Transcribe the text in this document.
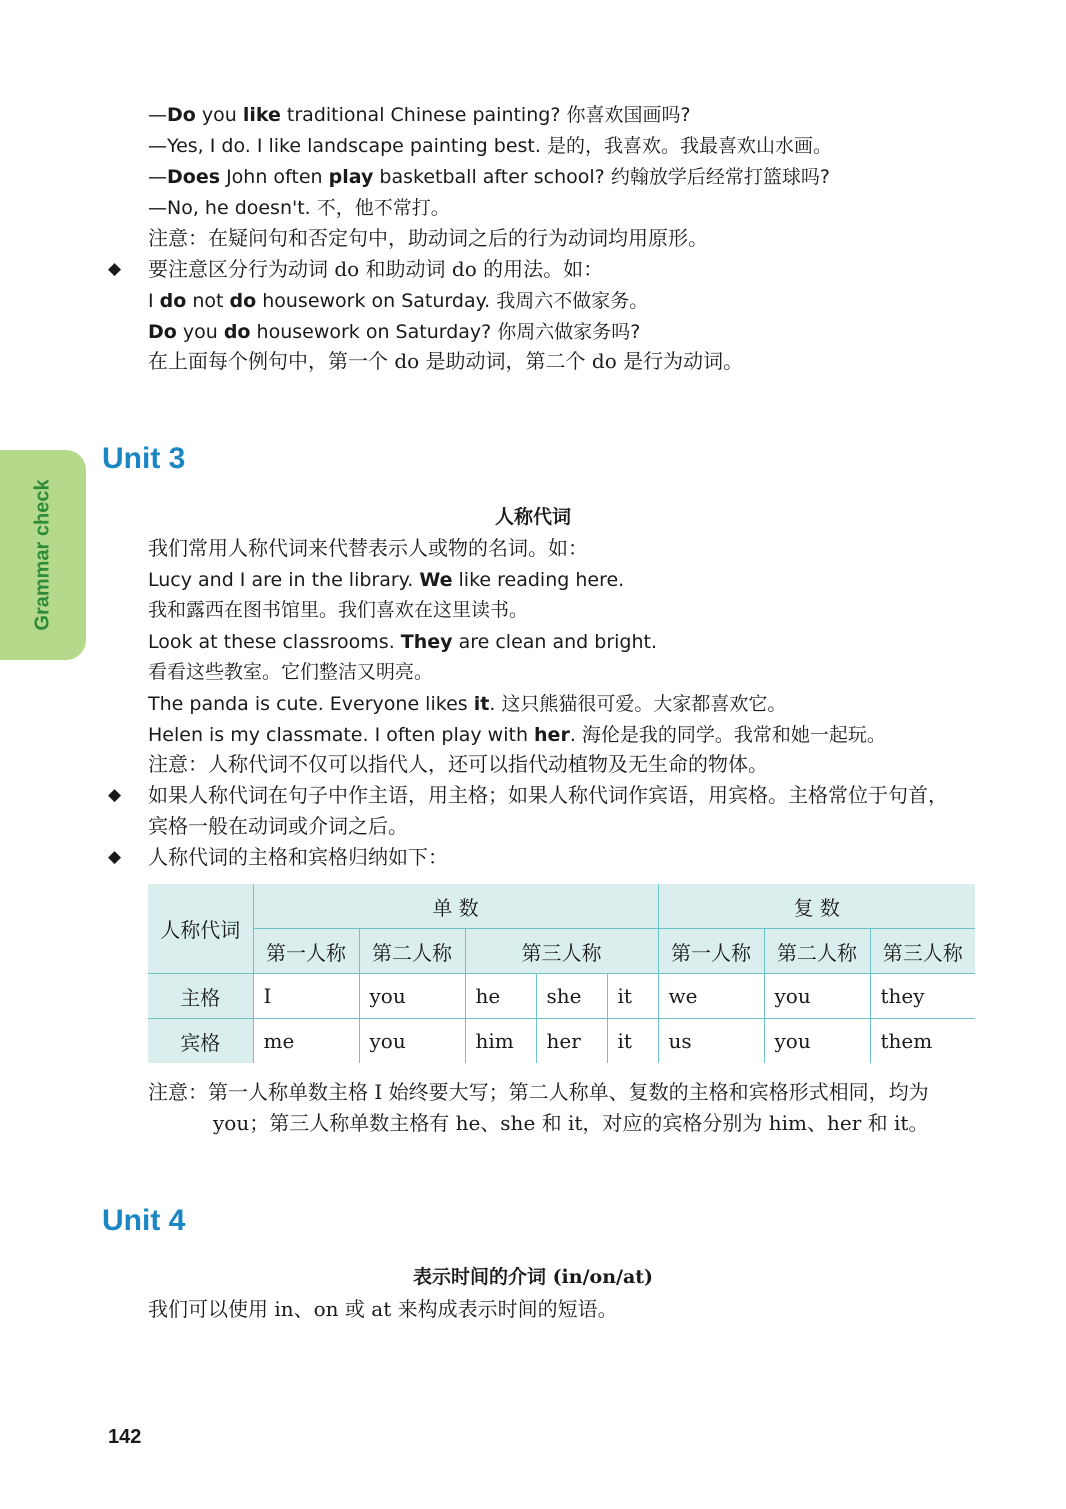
—Do you like traditional Chinese painting? 你喜欢国画吗?
—Yes, I do. I like landscape painting best. 是的，我喜欢。我最喜欢山水画。
—Does John often play basketball after school? 约翰放学后经常打篮球吗?
—No, he doesn't. 不，他不常打。
注意：在疑问句和否定句中，助动词之后的行为动词均用原形。
◆ 要注意区分行为动词 do 和助动词 do 的用法。如：
I do not do housework on Saturday. 我周六不做家务。
Do you do housework on Saturday? 你周六做家务吗?
在上面每个例句中，第一个 do 是助动词，第二个 do 是行为动词。
Grammar check
Unit 3
人称代词
我们常用人称代词来代替表示人或物的名词。如：
Lucy and I are in the library. We like reading here.
我和露西在图书馆里。我们喜欢在这里读书。
Look at these classrooms. They are clean and bright.
看看这些教室。它们整洁又明亮。
The panda is cute. Everyone likes it. 这只熊猫很可爱。大家都喜欢它。
Helen is my classmate. I often play with her. 海伦是我的同学。我常和她一起玩。
注意：人称代词不仅可以指代人，还可以指代动植物及无生命的物体。
◆ 如果人称代词在句子中作主语，用主格；如果人称代词作宾语，用宾格。主格常位于句首，
宾格一般在动词或介词之后。
◆ 人称代词的主格和宾格归纳如下：
人称代词	单 数					复 数		
	第一人称	第二人称	第三人称			第一人称	第二人称	第三人称
主格	I	you	he	she	it	we	you	they
宾格	me	you	him	her	it	us	you	them
注意：第一人称单数主格 I 始终要大写；第二人称单、复数的主格和宾格形式相同，均为
you；第三人称单数主格有 he、she 和 it，对应的宾格分别为 him、her 和 it。
Unit 4
表示时间的介词 (in/on/at)
我们可以使用 in、on 或 at 来构成表示时间的短语。
142
